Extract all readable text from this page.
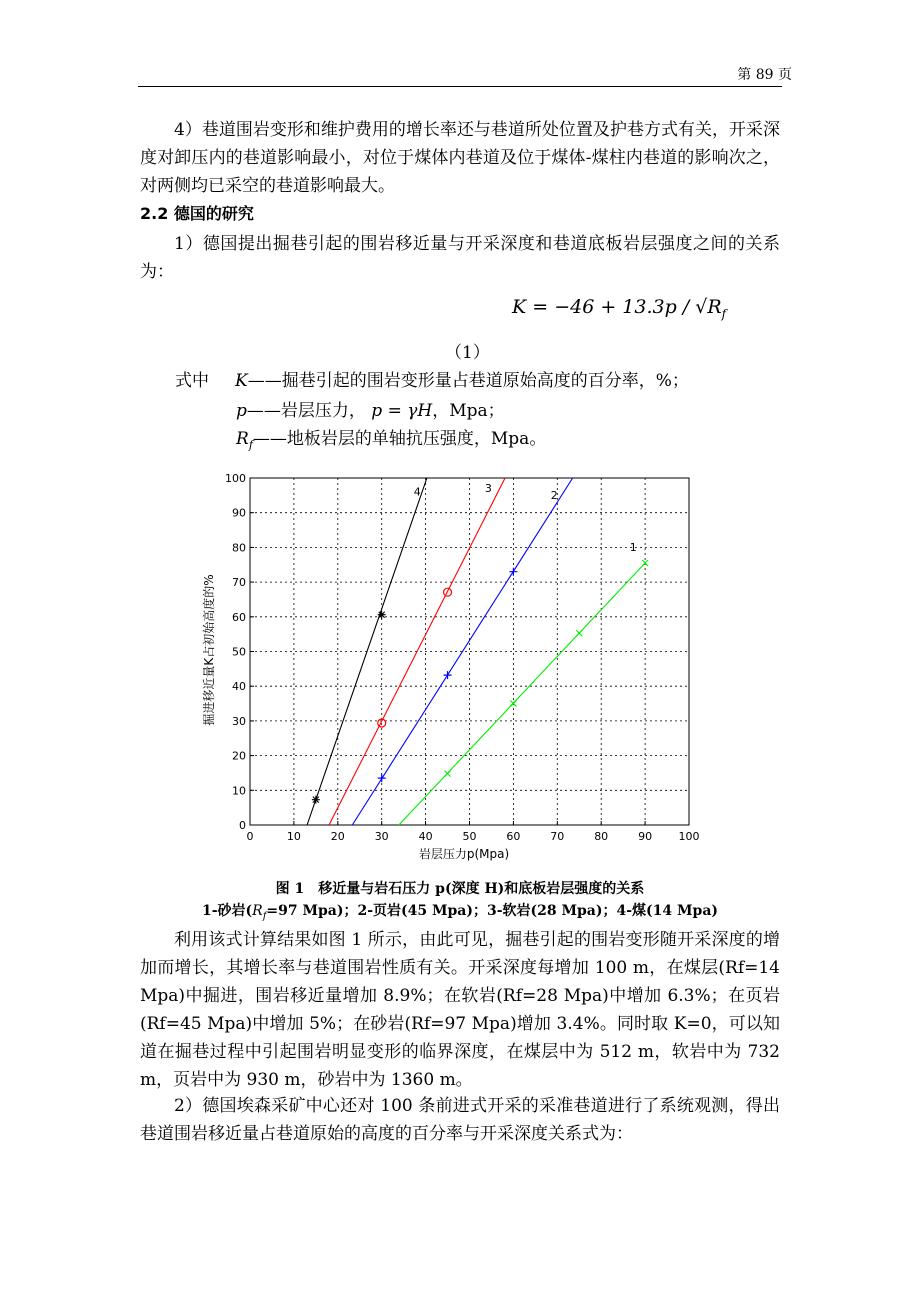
第 89 页

4）巷道围岩变形和维护费用的增长率还与巷道所处位置及护巷方式有关，开采深度对卸压内的巷道影响最小，对位于煤体内巷道及位于煤体-煤柱内巷道的影响次之，对两侧均已采空的巷道影响最大。

2.2 德国的研究

1）德国提出掘巷引起的围岩移近量与开采深度和巷道底板岩层强度之间的关系为：

$K = -46 + 13.3p / √R_f$
（1）
式中 K——掘巷引起的围岩变形量占巷道原始高度的百分率，%；
p——岩层压力， p = γH，Mpa；
$R_f——$地板岩层的单轴抗压强度，Mpa。
0	10	20	30	40	50	60	70	80	90 100
0
10
20
30
40
50
60
70
80
90
100
1
2
3
4
岩层压力p(Mpa)
掘进移近量K占初始高度的%
图 1　移近量与岩石压力 p(深度 H)和底板岩层强度的关系
1-砂岩($R_f=97$ Mpa)；2-页岩(45 Mpa)；3-软岩(28 Mpa)；4-煤(14 Mpa)

利用该式计算结果如图 1 所示，由此可见，掘巷引起的围岩变形随开采深度的增加而增长，其增长率与巷道围岩性质有关。开采深度每增加 100 m，在煤层(Rf=14 Mpa)中掘进，围岩移近量增加 8.9%；在软岩(Rf=28 Mpa)中增加 6.3%；在页岩(Rf=45 Mpa)中增加 5%；在砂岩(Rf=97 Mpa)增加 3.4%。同时取 K=0，可以知道在掘巷过程中引起围岩明显变形的临界深度，在煤层中为 512 m，软岩中为 732 m，页岩中为 930 m，砂岩中为 1360 m。

2）德国埃森采矿中心还对 100 条前进式开采的采准巷道进行了系统观测，得出巷道围岩移近量占巷道原始的高度的百分率与开采深度关系式为：
